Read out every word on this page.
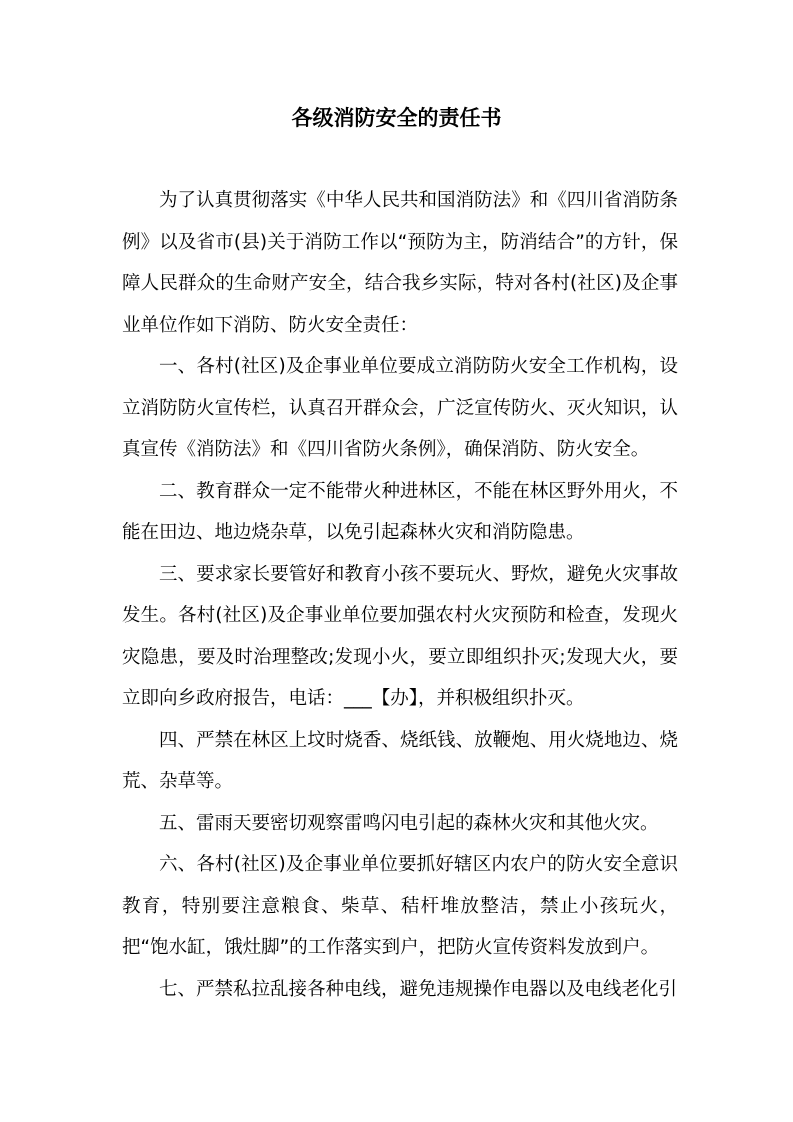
各级消防安全的责任书

为了认真贯彻落实《中华人民共和国消防法》和《四川省消防条例》以及省市(县)关于消防工作以“预防为主，防消结合”的方针，保障人民群众的生命财产安全，结合我乡实际，特对各村(社区)及企事业单位作如下消防、防火安全责任：

一、各村(社区)及企事业单位要成立消防防火安全工作机构，设立消防防火宣传栏，认真召开群众会，广泛宣传防火、灭火知识，认真宣传《消防法》和《四川省防火条例》，确保消防、防火安全。

二、教育群众一定不能带火种进林区，不能在林区野外用火，不能在田边、地边烧杂草，以免引起森林火灾和消防隐患。

三、要求家长要管好和教育小孩不要玩火、野炊，避免火灾事故发生。各村(社区)及企事业单位要加强农村火灾预防和检查，发现火灾隐患，要及时治理整改;发现小火，要立即组织扑灭;发现大火，要立即向乡政府报告，电话：___【办】，并积极组织扑灭。

四、严禁在林区上坟时烧香、烧纸钱、放鞭炮、用火烧地边、烧荒、杂草等。

五、雷雨天要密切观察雷鸣闪电引起的森林火灾和其他火灾。

六、各村(社区)及企事业单位要抓好辖区内农户的防火安全意识教育，特别要注意粮食、柴草、秸杆堆放整洁，禁止小孩玩火，把“饱水缸，饿灶脚”的工作落实到户，把防火宣传资料发放到户。

七、严禁私拉乱接各种电线，避免违规操作电器以及电线老化引
